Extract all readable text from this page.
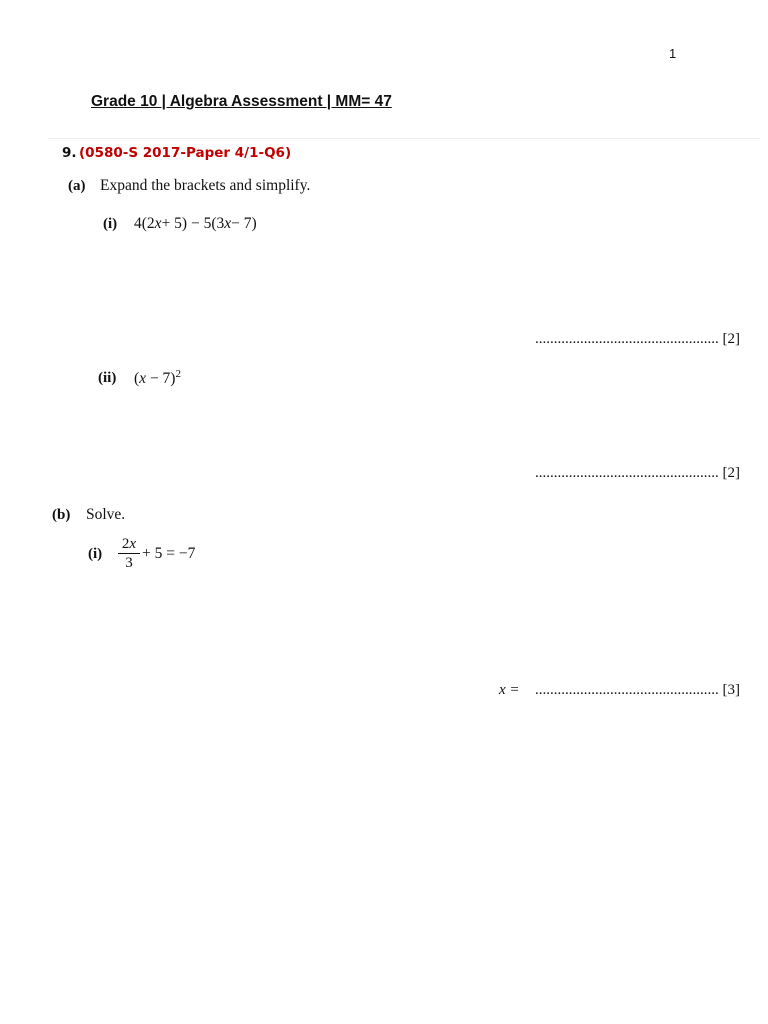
1
Grade 10 | Algebra Assessment | MM= 47
9. (0580-S 2017-Paper 4/1-Q6)
(a) Expand the brackets and simplify.
(i) 4(2x+ 5) − 5(3x− 7)
................................................. [2]
(ii) $(x - 7)^2$
................................................. [2]
(b) Solve.
(i)
2x
3
+ 5 = −7
x = ................................................. [3]
